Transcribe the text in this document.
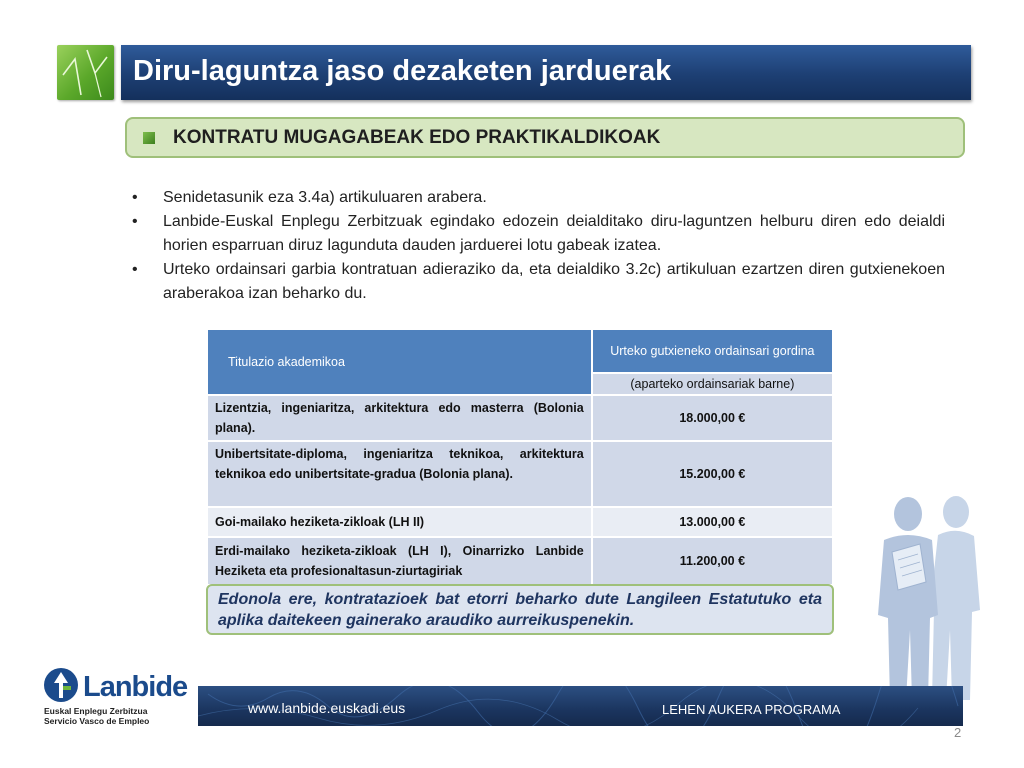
Diru-laguntza jaso dezaketen jarduerak
KONTRATU MUGAGABEAK EDO PRAKTIKALDIKOAK
• Senidetasunik eza 3.4a) artikuluaren arabera.
• Lanbide-Euskal Enplegu Zerbitzuak egindako edozein deialditako diru-laguntzen helburu diren edo deialdi horien esparruan diruz lagunduta dauden jarduerei lotu gabeak izatea.
• Urteko ordainsari garbia kontratuan adieraziko da, eta deialdiko 3.2c) artikuluan ezartzen diren gutxienekoen araberakoa izan beharko du.
Titulazio akademikoa	Urteko gutxieneko ordainsari gordina
	(aparteko ordainsariak barne)
Lizentzia, ingeniaritza, arkitektura edo masterra (Bolonia plana).	18.000,00 €
Unibertsitate-diploma, ingeniaritza teknikoa, arkitektura teknikoa edo unibertsitate-gradua (Bolonia plana).	15.200,00 €
Goi-mailako heziketa-zikloak (LH II)	13.000,00 €
Erdi-mailako heziketa-zikloak (LH I), Oinarrizko Lanbide Heziketa eta profesionaltasun-ziurtagiriak	11.200,00 €
Edonola ere, kontratazioek bat etorri beharko dute Langileen Estatutuko eta aplika daitekeen gainerako araudiko aurreikuspenekin.
Lanbide
Euskal Enplegu Zerbitzua
Servicio Vasco de Empleo
www.lanbide.euskadi.eus	LEHEN AUKERA PROGRAMA
2
